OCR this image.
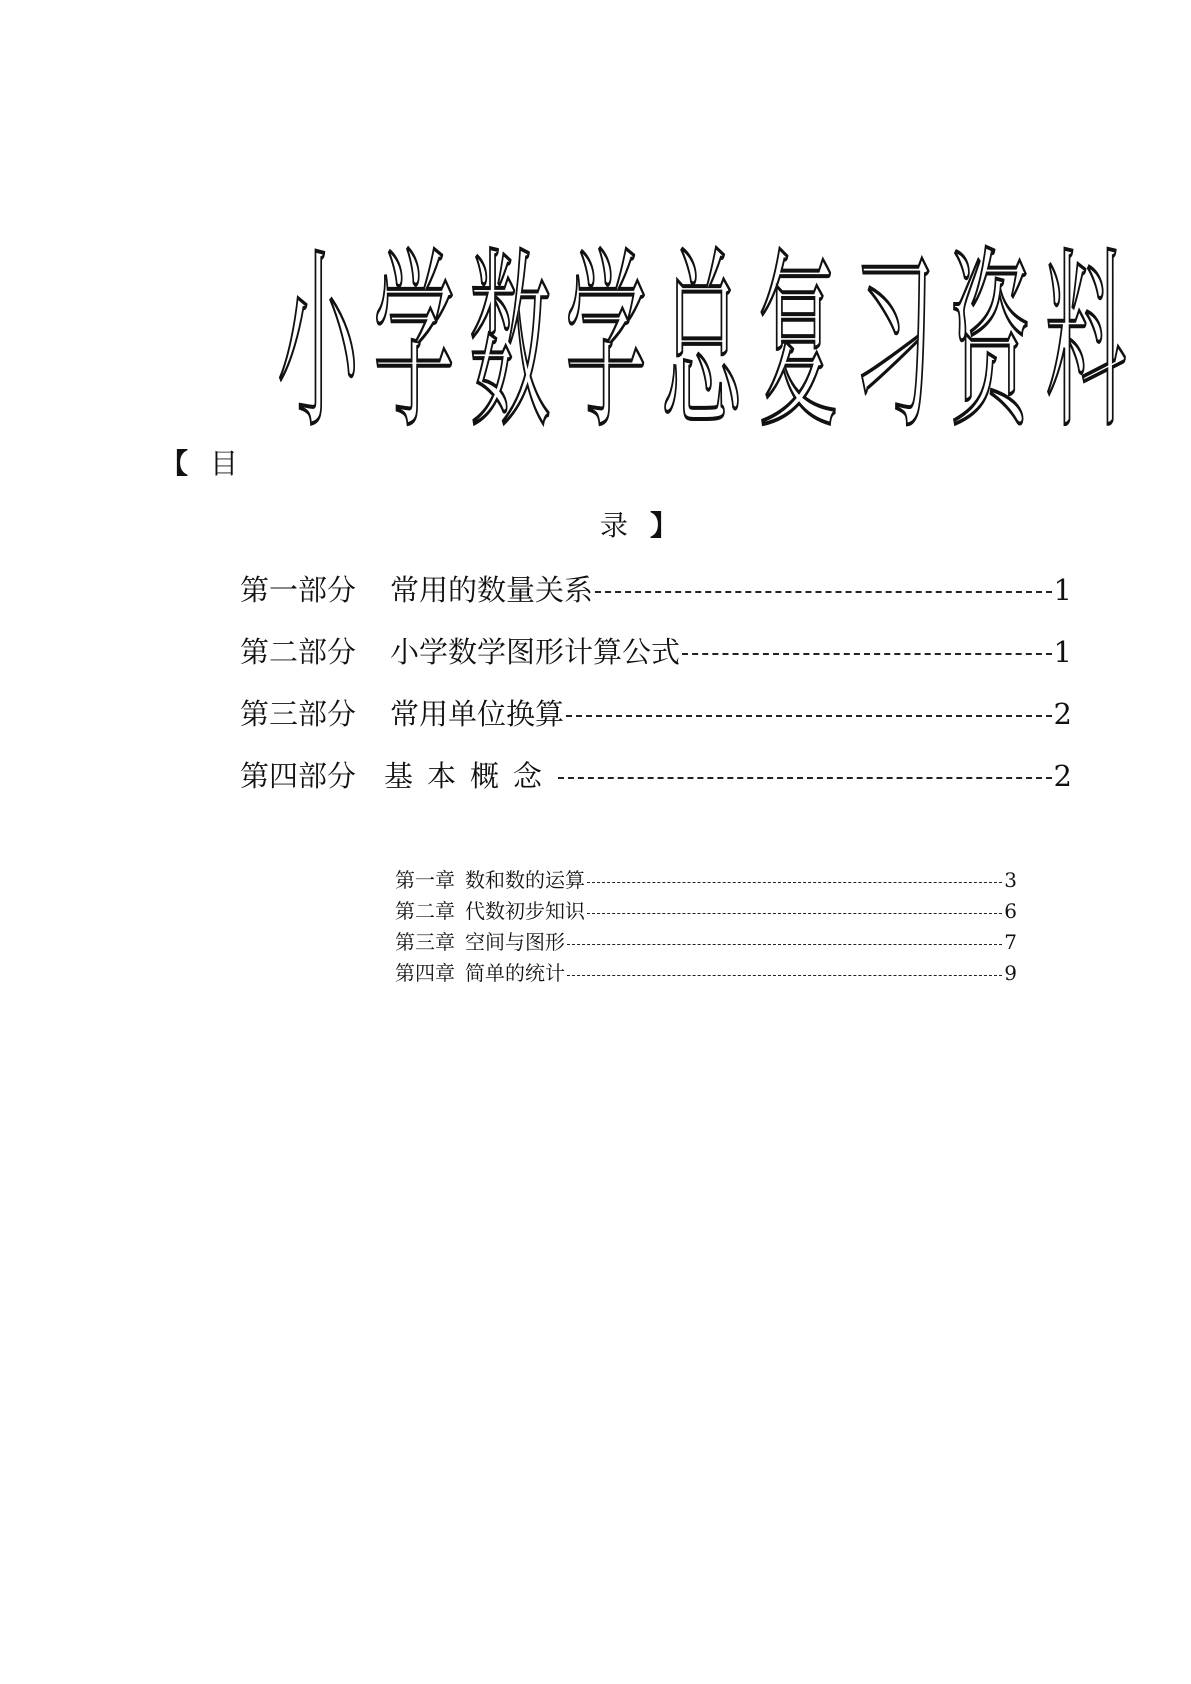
小 学 数 学 总 复 习 资 料
【 目
录 】
第一部分 常用的数量关系	1
第二部分 小学数学图形计算公式	1
第三部分 常用单位换算	2
第四部分 基本概念	2
第一章 数和数的运算	3
第二章 代数初步知识	6
第三章 空间与图形	7
第四章 简单的统计	9
